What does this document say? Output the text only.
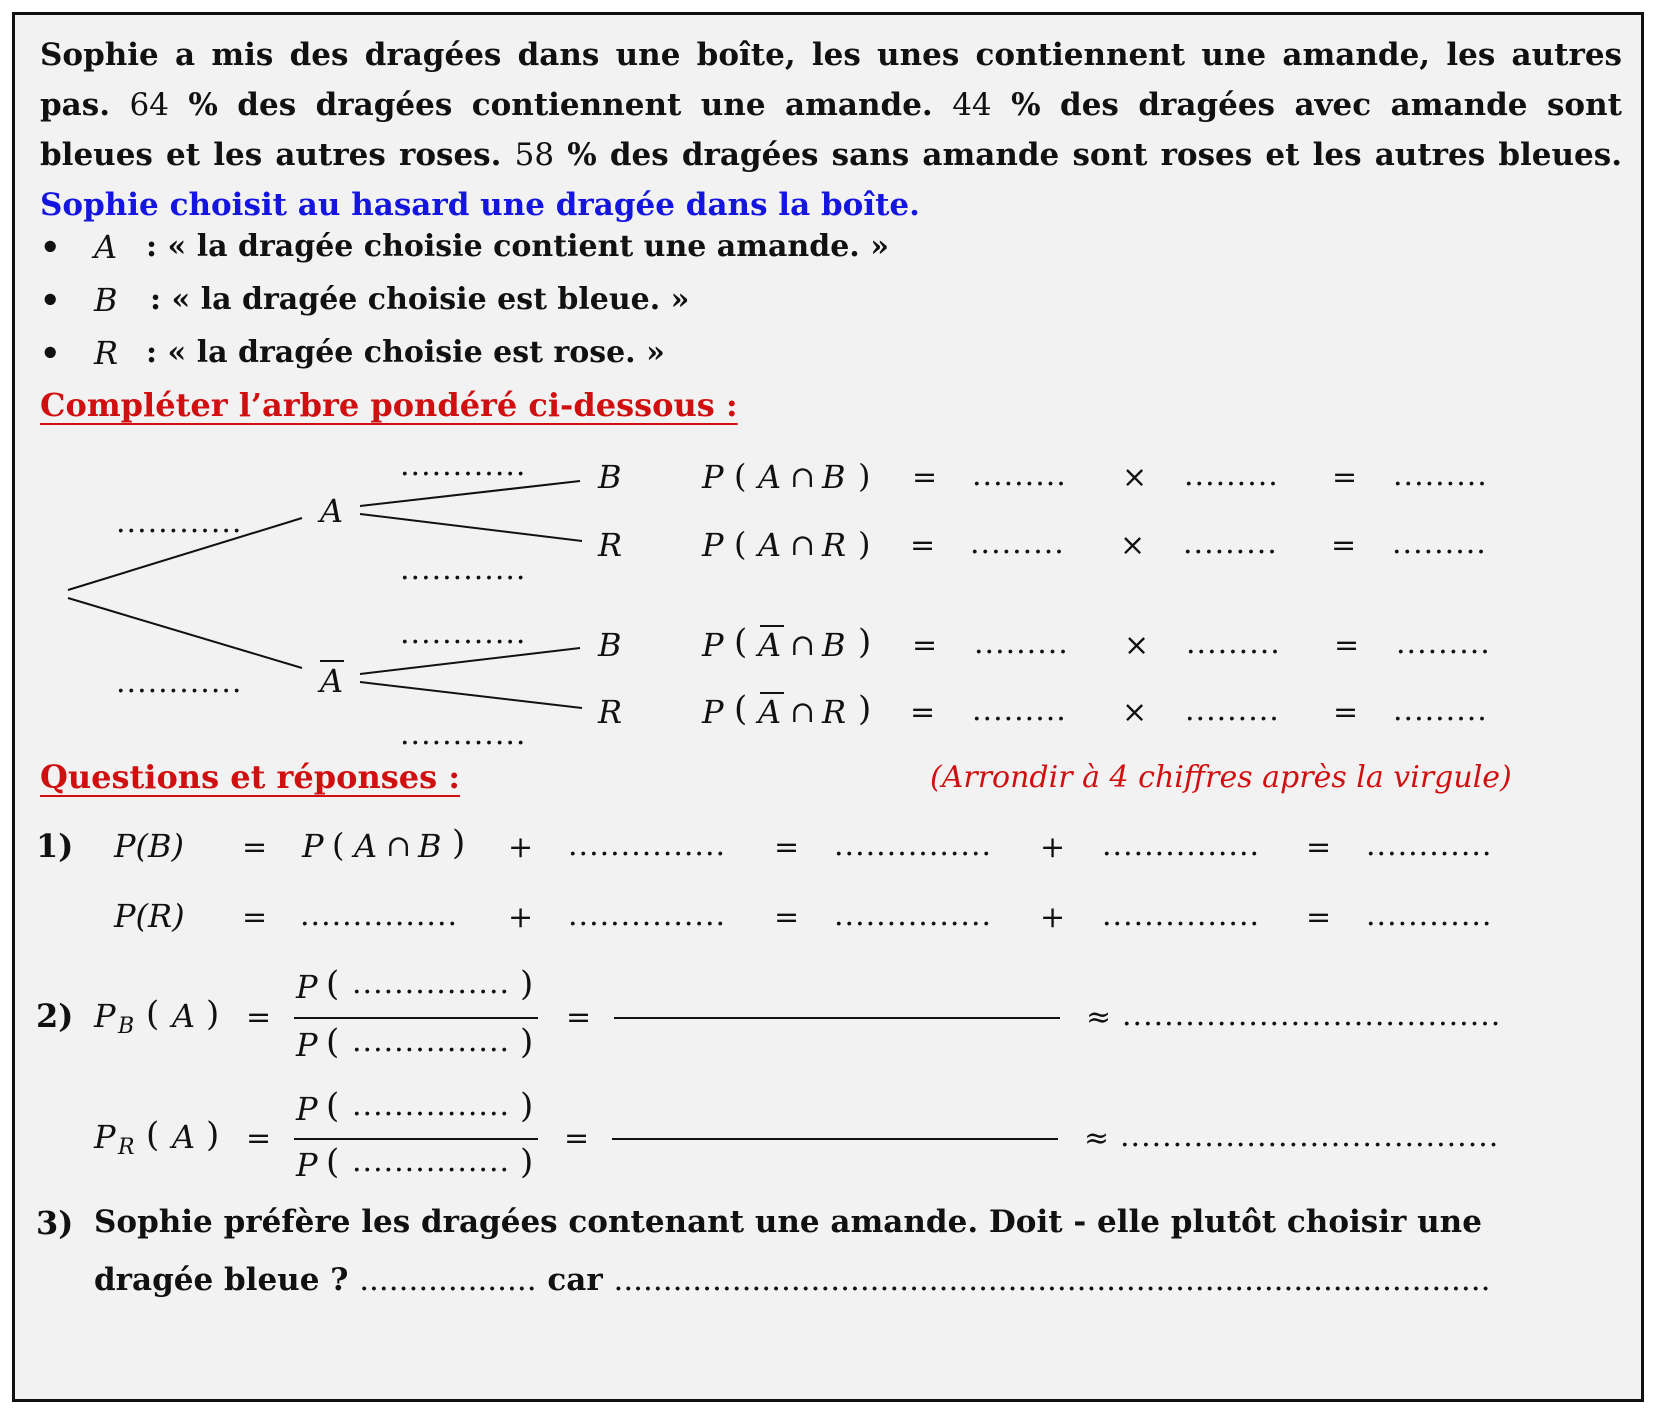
Sophie a mis des dragées dans une boîte, les unes contiennent une amande, les autres pas. 64 % des dragées contiennent une amande. 44 % des dragées avec amande sont bleues et les autres roses. 58 % des dragées sans amande sont roses et les autres bleues. Sophie choisit au hasard une dragée dans la boîte.
• A : « la dragée choisie contient une amande. »
• B : « la dragée choisie est bleue. »
• R : « la dragée choisie est rose. »
Compléter l’arbre pondéré ci-dessous :
............
............
............
............
............
............
A
A
B
R
B
R
P ( A ∩ B ) = ......... × ......... = .........
P ( A ∩ R ) = ......... × ......... = .........
P ( A ∩ B ) = ......... × ......... = .........
P ( A ∩ R ) = ......... × ......... = .........
Questions et réponses :	(Arrondir à 4 chiffres après la virgule)
1) P(B) = P ( A ∩ B ) + ............... = ............... + ............... = ............
P(R) = ............... + ............... = ............... + ............... = ............
2) P B ( A ) =
P ( ............... )
P ( ............... )
=	≈ ....................................
P R ( A ) =
P ( ............... )
P ( ............... )
=	≈ ....................................
3) Sophie préfère les dragées contenant une amande. Doit - elle plutôt choisir une
dragée bleue ? .................. car .........................................................................................
